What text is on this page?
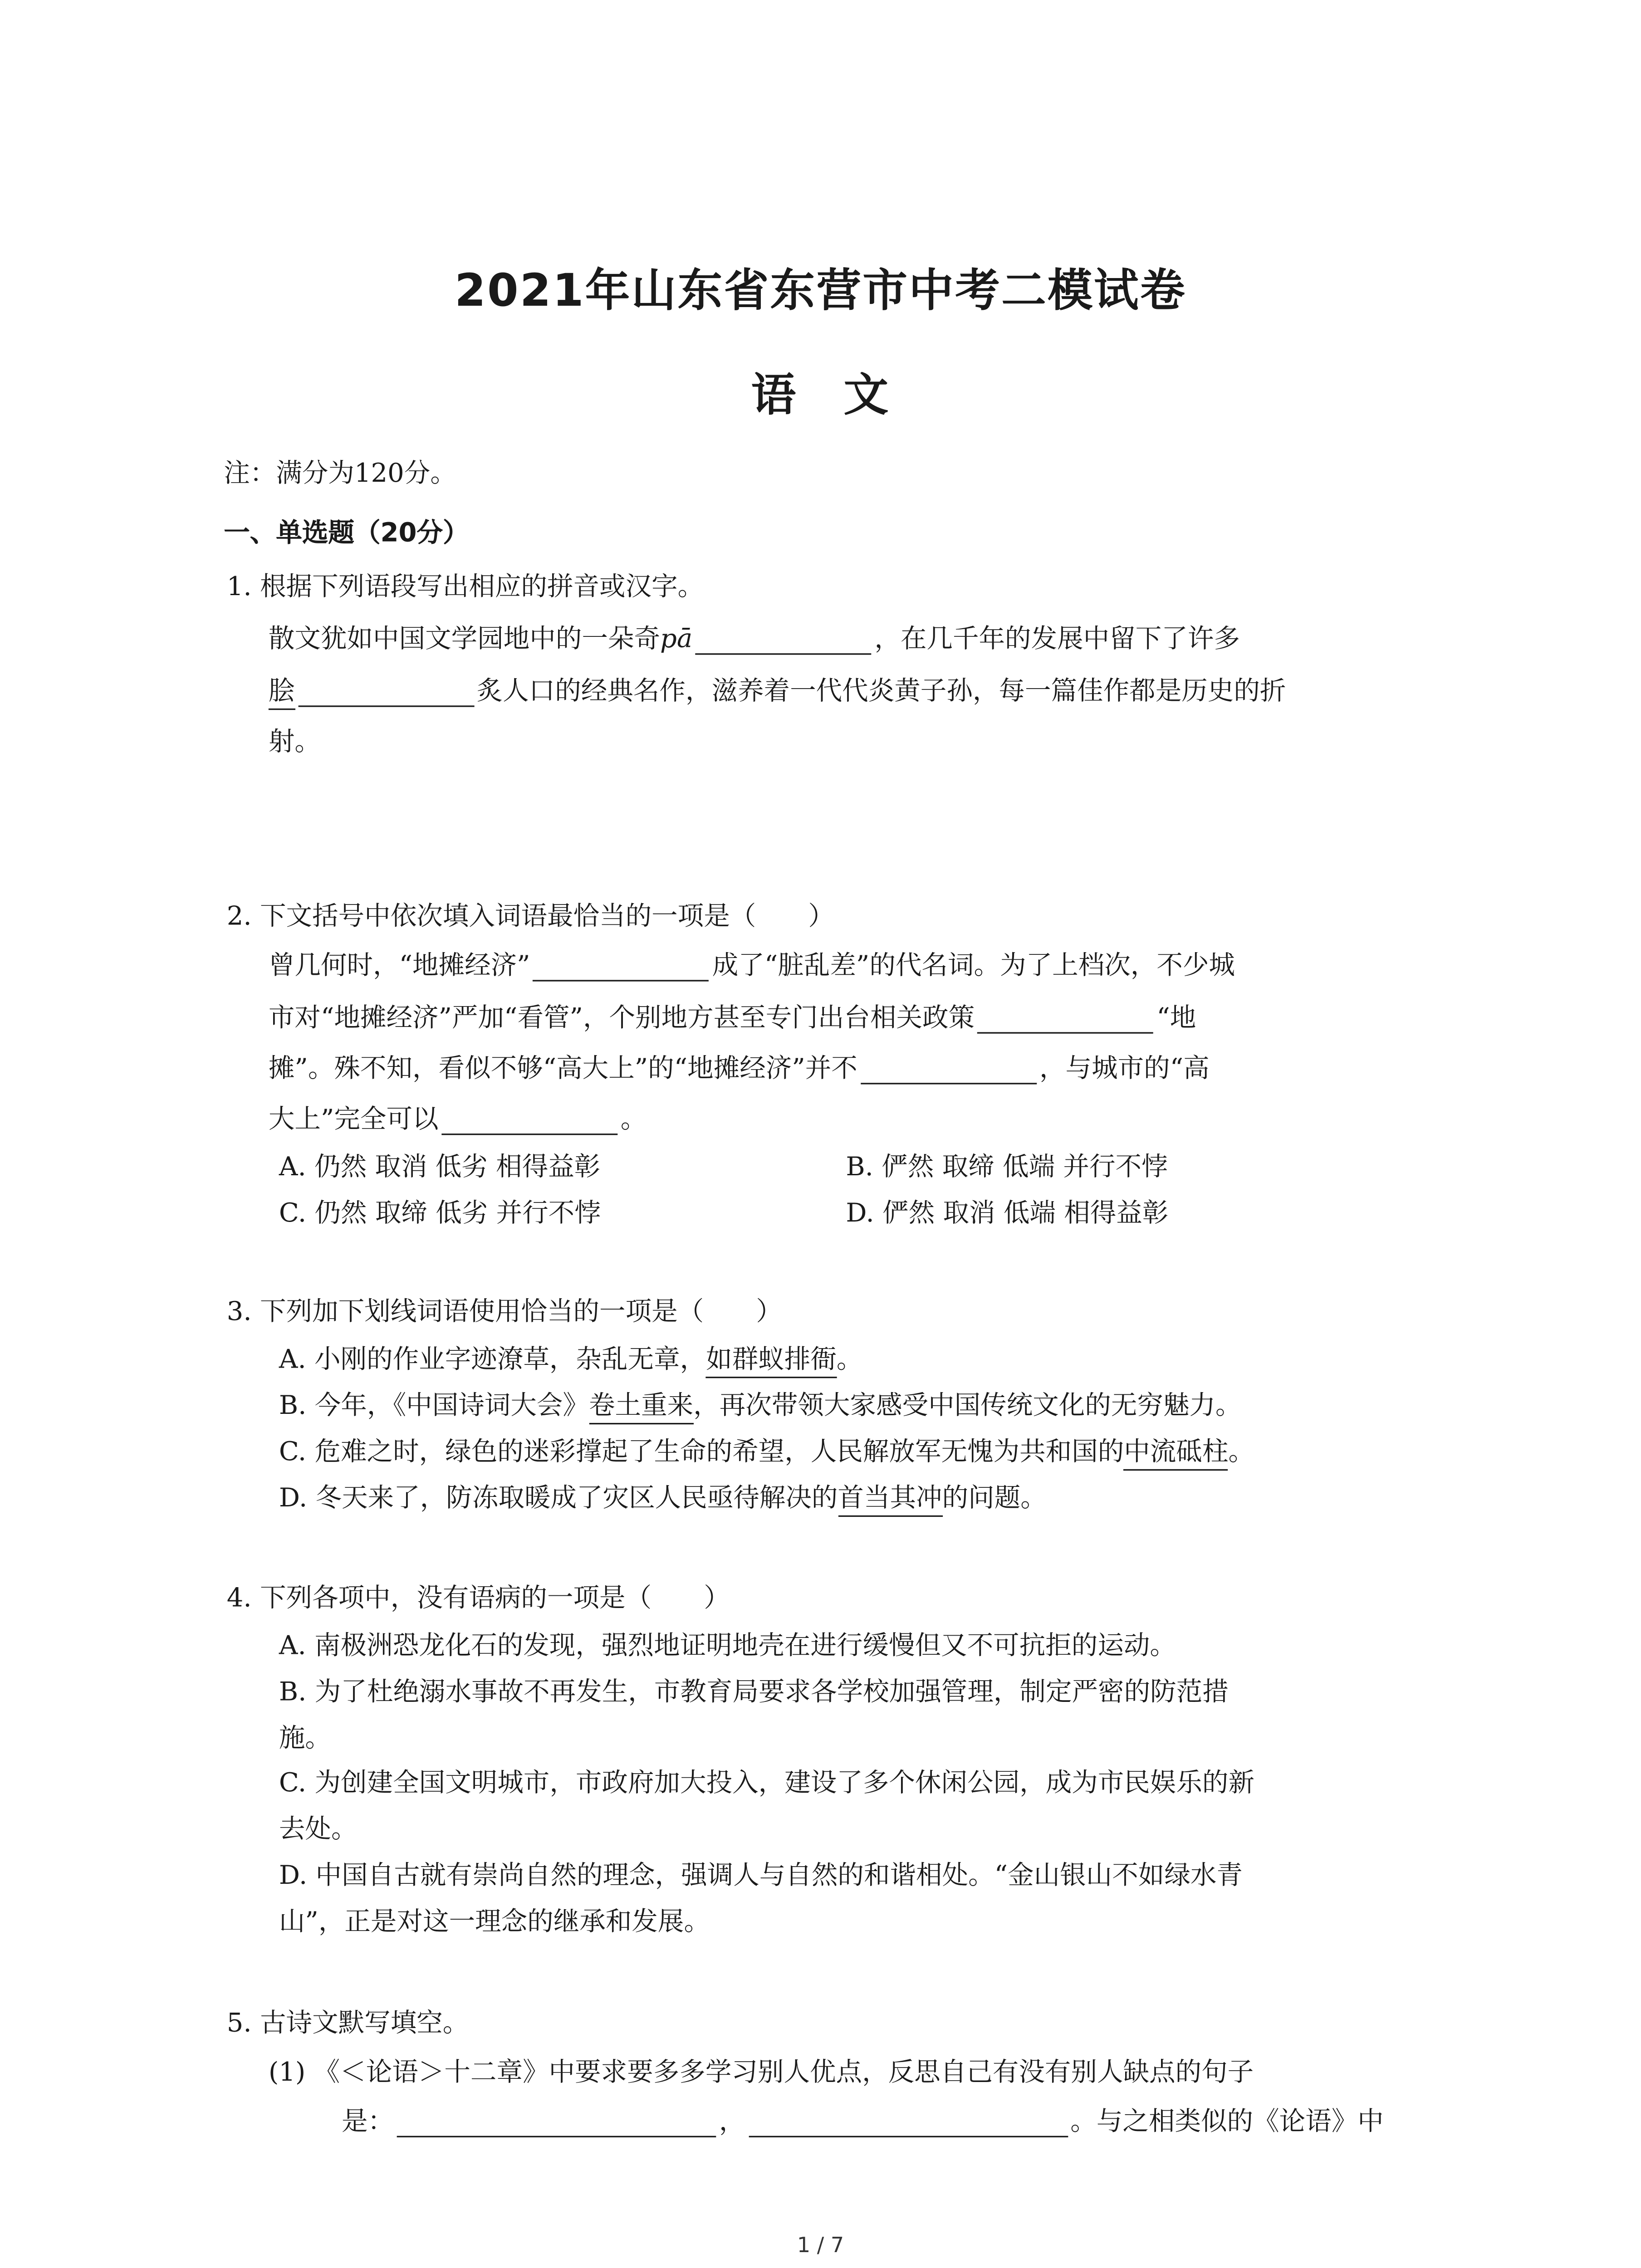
2021年山东省东营市中考二模试卷
语　文
注：满分为120分。
一、单选题（20分）
1. 根据下列语段写出相应的拼音或汉字。
散文犹如中国文学园地中的一朵奇pā	，在几千年的发展中留下了许多
脍	炙人口的经典名作，滋养着一代代炎黄子孙，每一篇佳作都是历史的折
射。
2. 下文括号中依次填入词语最恰当的一项是（　　）
曾几何时，“地摊经济”	成了“脏乱差”的代名词。为了上档次，不少城
市对“地摊经济”严加“看管”，个别地方甚至专门出台相关政策	“地
摊”。殊不知，看似不够“高大上”的“地摊经济”并不	，与城市的“高
大上”完全可以	。
A. 仍然 取消 低劣 相得益彰	B. 俨然 取缔 低端 并行不悖
C. 仍然 取缔 低劣 并行不悖	D. 俨然 取消 低端 相得益彰
3. 下列加下划线词语使用恰当的一项是（　　）
A. 小刚的作业字迹潦草，杂乱无章，如群蚁排衙。
B. 今年，《中国诗词大会》卷土重来，再次带领大家感受中国传统文化的无穷魅力。
C. 危难之时，绿色的迷彩撑起了生命的希望，人民解放军无愧为共和国的中流砥柱。
D. 冬天来了，防冻取暖成了灾区人民亟待解决的首当其冲的问题。
4. 下列各项中，没有语病的一项是（　　）
A. 南极洲恐龙化石的发现，强烈地证明地壳在进行缓慢但又不可抗拒的运动。
B. 为了杜绝溺水事故不再发生，市教育局要求各学校加强管理，制定严密的防范措
施。
C. 为创建全国文明城市，市政府加大投入，建设了多个休闲公园，成为市民娱乐的新
去处。
D. 中国自古就有崇尚自然的理念，强调人与自然的和谐相处。“金山银山不如绿水青
山”，正是对这一理念的继承和发展。
5. 古诗文默写填空。
(1) 《＜论语＞十二章》中要求要多多学习别人优点，反思自己有没有别人缺点的句子
是：	，	。与之相类似的《论语》中
1 / 7
